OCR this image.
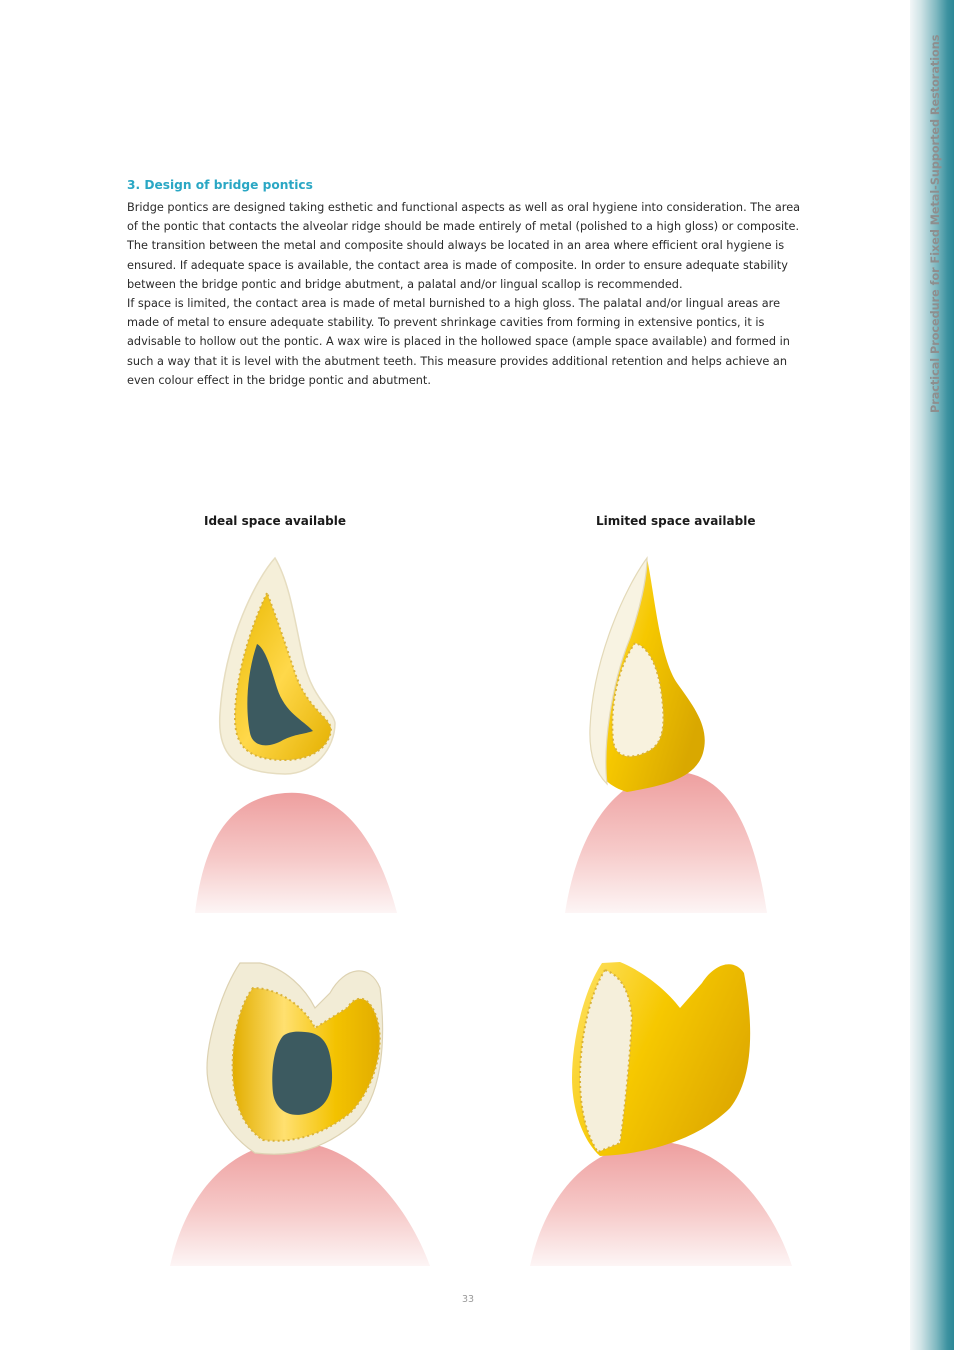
Practical Procedure for Fixed Metal-Supported Restorations
3. Design of bridge pontics

Bridge pontics are designed taking esthetic and functional aspects as well as oral hygiene into consideration. The area of the pontic that contacts the alveolar ridge should be made entirely of metal (polished to a high gloss) or composite. The transition between the metal and composite should always be located in an area where efficient oral hygiene is ensured. If adequate space is available, the contact area is made of composite. In order to ensure adequate stability between the bridge pontic and bridge abutment, a palatal and/or lingual scallop is recommended.

If space is limited, the contact area is made of metal burnished to a high gloss. The palatal and/or lingual areas are made of metal to ensure adequate stability. To prevent shrinkage cavities from forming in extensive pontics, it is advisable to hollow out the pontic. A wax wire is placed in the hollowed space (ample space available) and formed in such a way that it is level with the abutment teeth. This measure provides additional retention and helps achieve an even colour effect in the bridge pontic and abutment.

Ideal space available	Limited space available
33
